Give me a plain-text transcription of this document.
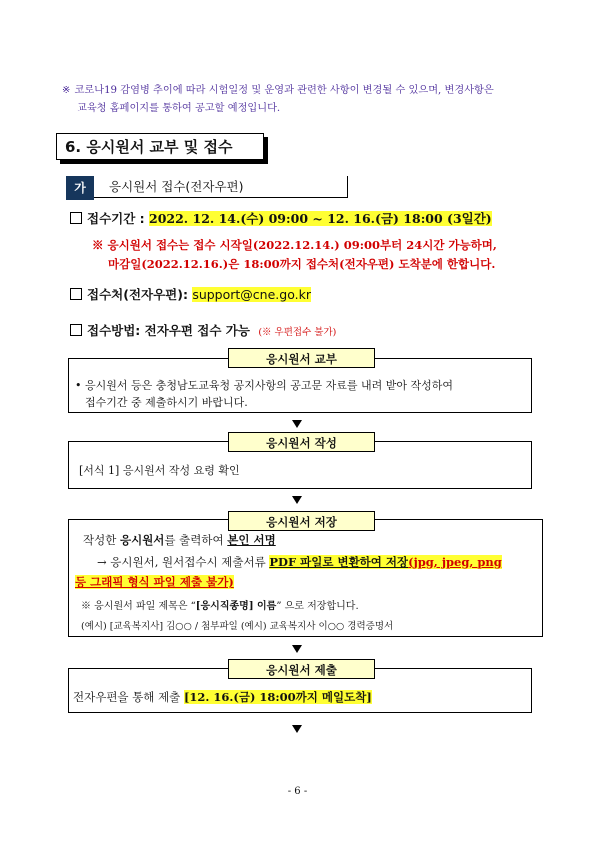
※ 코로나19 감염병 추이에 따라 시험일정 및 운영과 관련한 사항이 변경될 수 있으며, 변경사항은
교육청 홈페이지를 통하여 공고할 예정입니다.
6. 응시원서 교부 및 접수
가	응시원서 접수(전자우편)
접수기간 : 2022. 12. 14.(수) 09:00 ~ 12. 16.(금) 18:00 (3일간)
※ 응시원서 접수는 접수 시작일(2022.12.14.) 09:00부터 24시간 가능하며,
마감일(2022.12.16.)은 18:00까지 접수처(전자우편) 도착분에 한합니다.
접수처(전자우편): support@cne.go.kr
접수방법: 전자우편 접수 가능 (※ 우편접수 불가)
• 응시원서 등은 충청남도교육청 공지사항의 공고문 자료를 내려 받아 작성하여
접수기간 중 제출하시기 바랍니다.
응시원서 교부
[서식 1] 응시원서 작성 요령 확인
응시원서 작성
작성한 응시원서를 출력하여 본인 서명
→ 응시원서, 원서접수시 제출서류 PDF 파일로 변환하여 저장(jpg, jpeg, png
등 그래픽 형식 파일 제출 불가)
※ 응시원서 파일 제목은 “[응시직종명] 이름” 으로 저장합니다.
(예시) [교육복지사] 김○○ / 첨부파일 (예시) 교육복지사 이○○ 경력증명서
응시원서 저장
전자우편을 통해 제출 [12. 16.(금) 18:00까지 메일도착]
응시원서 제출
- 6 -
